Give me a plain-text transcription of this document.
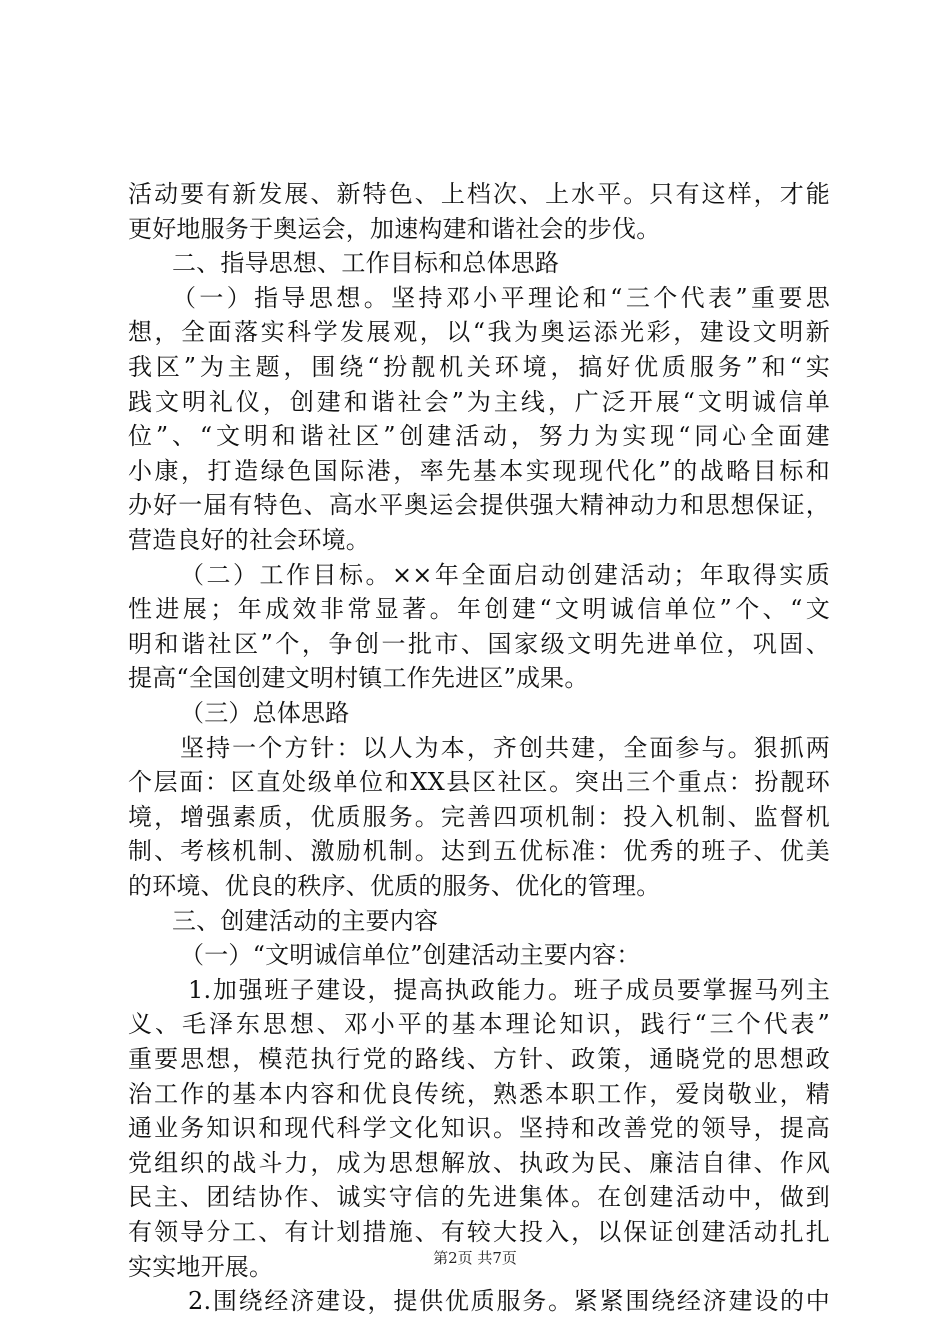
活动要有新发展、新特色、上档次、上水平。只有这样，才能
更好地服务于奥运会，加速构建和谐社会的步伐。
二、指导思想、工作目标和总体思路
（一）指导思想。坚持邓小平理论和“三个代表”重要思
想，全面落实科学发展观，以“我为奥运添光彩，建设文明新
我区”为主题，围绕“扮靓机关环境，搞好优质服务”和“实
践文明礼仪，创建和谐社会”为主线，广泛开展“文明诚信单
位”、“文明和谐社区”创建活动，努力为实现“同心全面建
小康，打造绿色国际港，率先基本实现现代化”的战略目标和
办好一届有特色、高水平奥运会提供强大精神动力和思想保证，
营造良好的社会环境。
（二）工作目标。××年全面启动创建活动；年取得实质
性进展；年成效非常显著。年创建“文明诚信单位”个、“文
明和谐社区”个，争创一批市、国家级文明先进单位，巩固、
提高“全国创建文明村镇工作先进区”成果。
（三）总体思路
坚持一个方针：以人为本，齐创共建，全面参与。狠抓两
个层面：区直处级单位和XX县区社区。突出三个重点：扮靓环
境，增强素质，优质服务。完善四项机制：投入机制、监督机
制、考核机制、激励机制。达到五优标准：优秀的班子、优美
的环境、优良的秩序、优质的服务、优化的管理。
三、创建活动的主要内容
（一）“文明诚信单位”创建活动主要内容：
1.加强班子建设，提高执政能力。班子成员要掌握马列主
义、毛泽东思想、邓小平的基本理论知识，践行“三个代表”
重要思想，模范执行党的路线、方针、政策，通晓党的思想政
治工作的基本内容和优良传统，熟悉本职工作，爱岗敬业，精
通业务知识和现代科学文化知识。坚持和改善党的领导，提高
党组织的战斗力，成为思想解放、执政为民、廉洁自律、作风
民主、团结协作、诚实守信的先进集体。在创建活动中，做到
有领导分工、有计划措施、有较大投入，以保证创建活动扎扎
实实地开展。
2.围绕经济建设，提供优质服务。紧紧围绕经济建设的中
第2页 共7页
